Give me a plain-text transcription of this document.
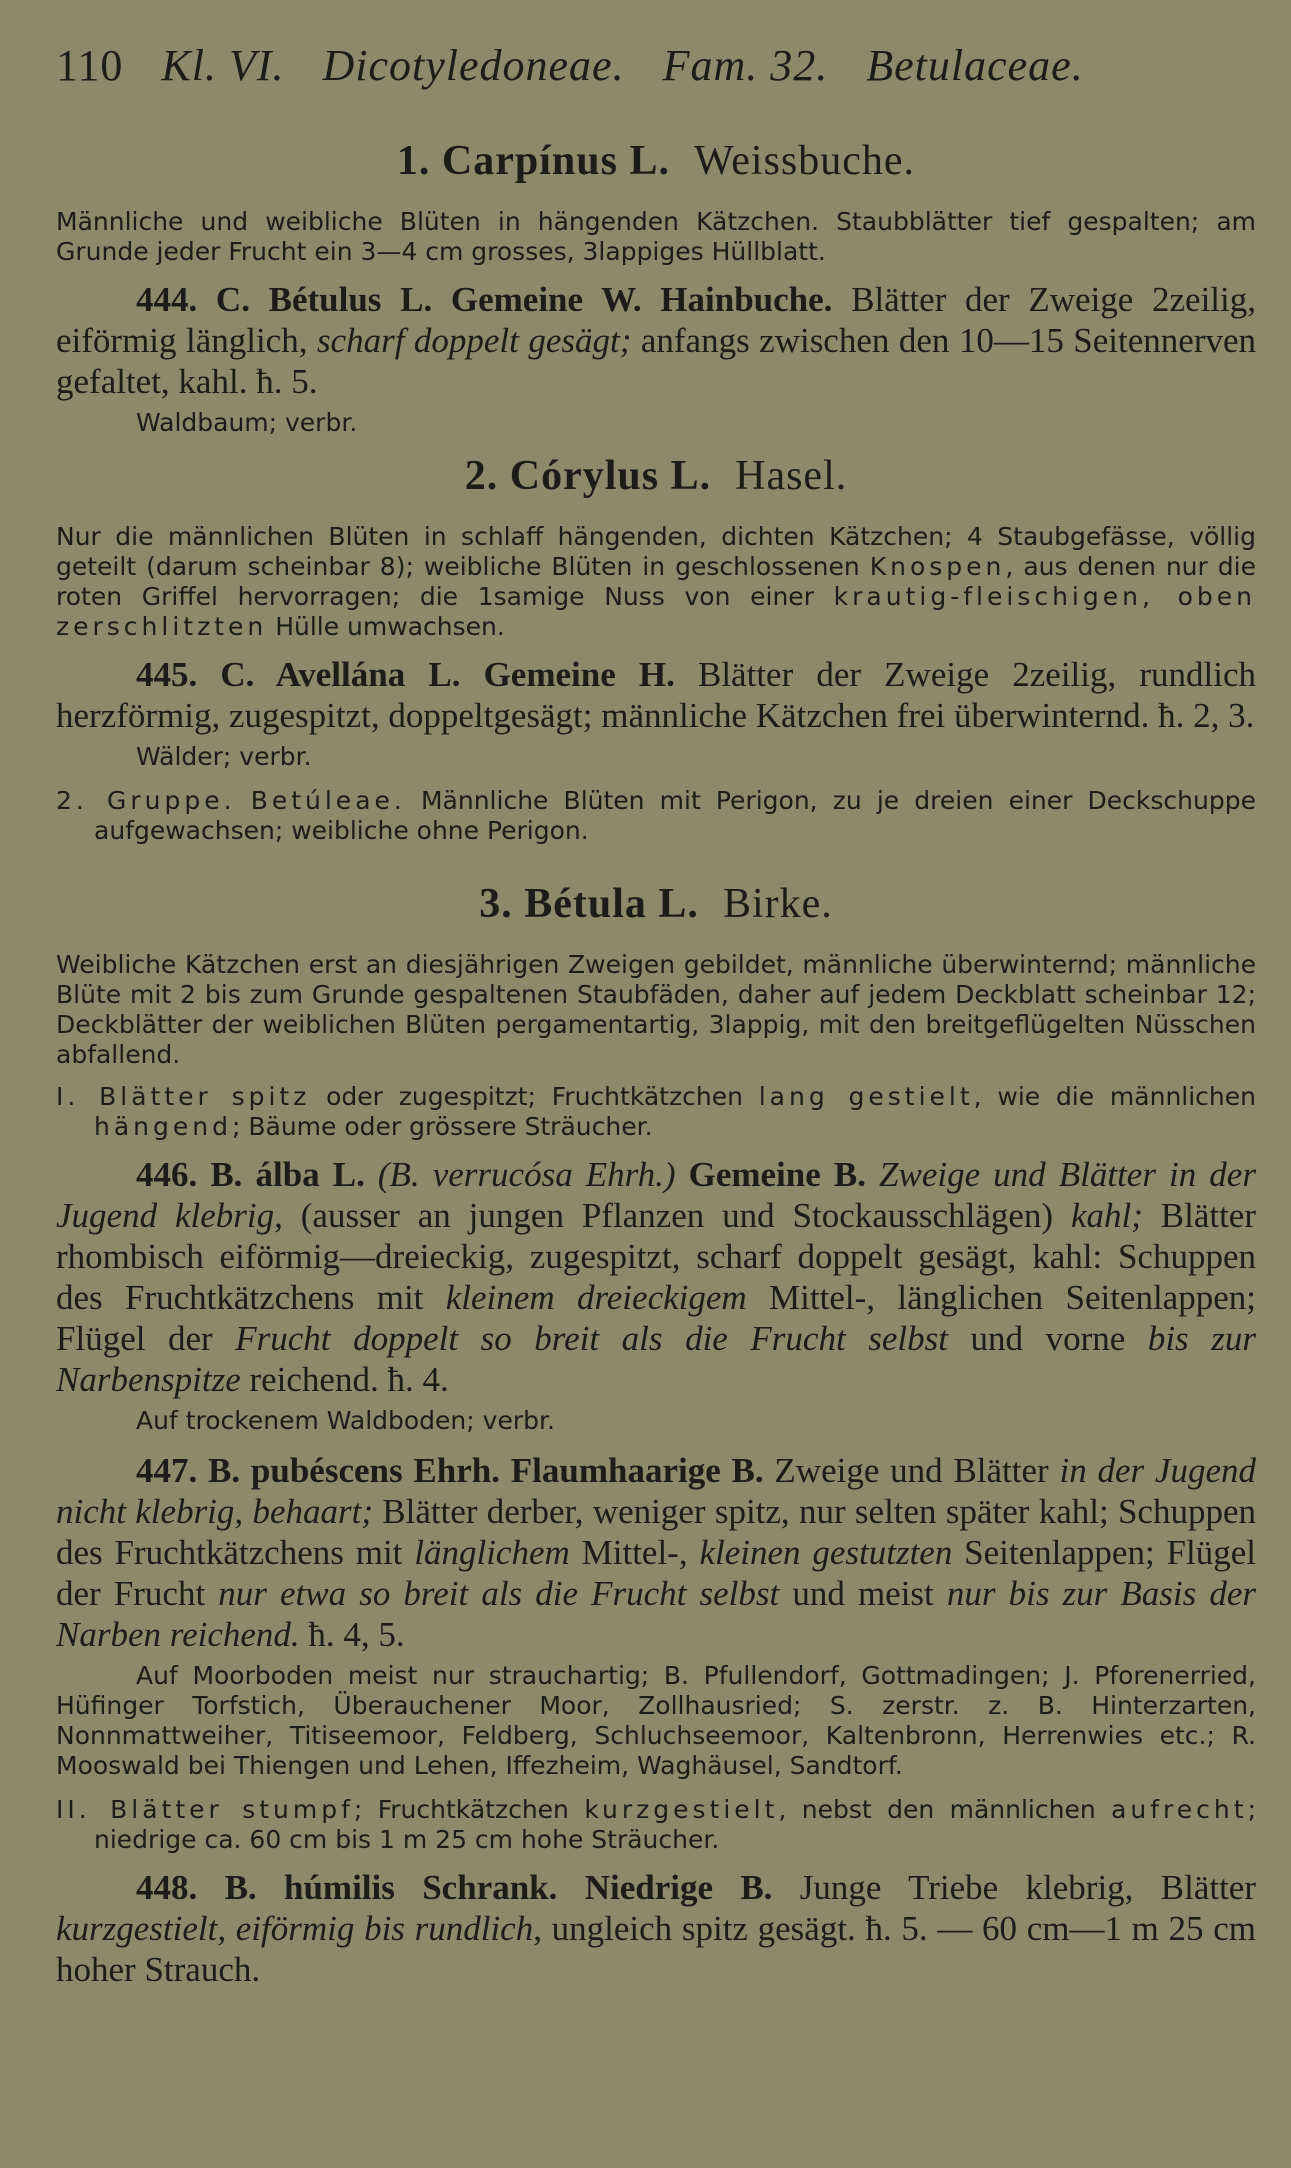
110 Kl. VI. Dicotyledoneae. Fam. 32. Betulaceae.
1. Carpínus L. Weissbuche.

Männliche und weibliche Blüten in hängenden Kätzchen. Staubblätter tief gespalten; am Grunde jeder Frucht ein 3—4 cm grosses, 3lappiges Hüllblatt.

444. C. Bétulus L. Gemeine W. Hainbuche. Blätter der Zweige 2zeilig, eiförmig länglich, scharf doppelt gesägt; anfangs zwischen den 10—15 Seitennerven gefaltet, kahl. ħ. 5.

Waldbaum; verbr.

2. Córylus L. Hasel.

Nur die männlichen Blüten in schlaff hängenden, dichten Kätzchen; 4 Staubgefässe, völlig geteilt (darum scheinbar 8); weibliche Blüten in geschlossenen Knospen, aus denen nur die roten Griffel hervorragen; die 1samige Nuss von einer krautig-fleischigen, oben zerschlitzten Hülle umwachsen.

445. C. Avellána L. Gemeine H. Blätter der Zweige 2zeilig, rundlich herzförmig, zugespitzt, doppeltgesägt; männliche Kätzchen frei überwinternd. ħ. 2, 3.

Wälder; verbr.

2. Gruppe. Betúleae. Männliche Blüten mit Perigon, zu je dreien einer Deckschuppe aufgewachsen; weibliche ohne Perigon.

3. Bétula L. Birke.

Weibliche Kätzchen erst an diesjährigen Zweigen gebildet, männliche überwinternd; männliche Blüte mit 2 bis zum Grunde gespaltenen Staubfäden, daher auf jedem Deckblatt scheinbar 12; Deckblätter der weiblichen Blüten pergamentartig, 3lappig, mit den breitgeflügelten Nüsschen abfallend.

I. Blätter spitz oder zugespitzt; Fruchtkätzchen lang gestielt, wie die männlichen hängend; Bäume oder grössere Sträucher.

446. B. álba L. (B. verrucósa Ehrh.) Gemeine B. Zweige und Blätter in der Jugend klebrig, (ausser an jungen Pflanzen und Stockausschlägen) kahl; Blätter rhombisch eiförmig—dreieckig, zugespitzt, scharf doppelt gesägt, kahl: Schuppen des Fruchtkätzchens mit kleinem dreieckigem Mittel-, länglichen Seitenlappen; Flügel der Frucht doppelt so breit als die Frucht selbst und vorne bis zur Narbenspitze reichend. ħ. 4.

Auf trockenem Waldboden; verbr.

447. B. pubéscens Ehrh. Flaumhaarige B. Zweige und Blätter in der Jugend nicht klebrig, behaart; Blätter derber, weniger spitz, nur selten später kahl; Schuppen des Fruchtkätzchens mit länglichem Mittel-, kleinen gestutzten Seitenlappen; Flügel der Frucht nur etwa so breit als die Frucht selbst und meist nur bis zur Basis der Narben reichend. ħ. 4, 5.

Auf Moorboden meist nur strauchartig; B. Pfullendorf, Gottmadingen; J. Pforenerried, Hüfinger Torfstich, Überauchener Moor, Zollhausried; S. zerstr. z. B. Hinterzarten, Nonnmattweiher, Titiseemoor, Feldberg, Schluchseemoor, Kaltenbronn, Herrenwies etc.; R. Mooswald bei Thiengen und Lehen, Iffezheim, Waghäusel, Sandtorf.

II. Blätter stumpf; Fruchtkätzchen kurzgestielt, nebst den männlichen aufrecht; niedrige ca. 60 cm bis 1 m 25 cm hohe Sträucher.

448. B. húmilis Schrank. Niedrige B. Junge Triebe klebrig, Blätter kurzgestielt, eiförmig bis rundlich, ungleich spitz gesägt. ħ. 5. — 60 cm—1 m 25 cm hoher Strauch.
